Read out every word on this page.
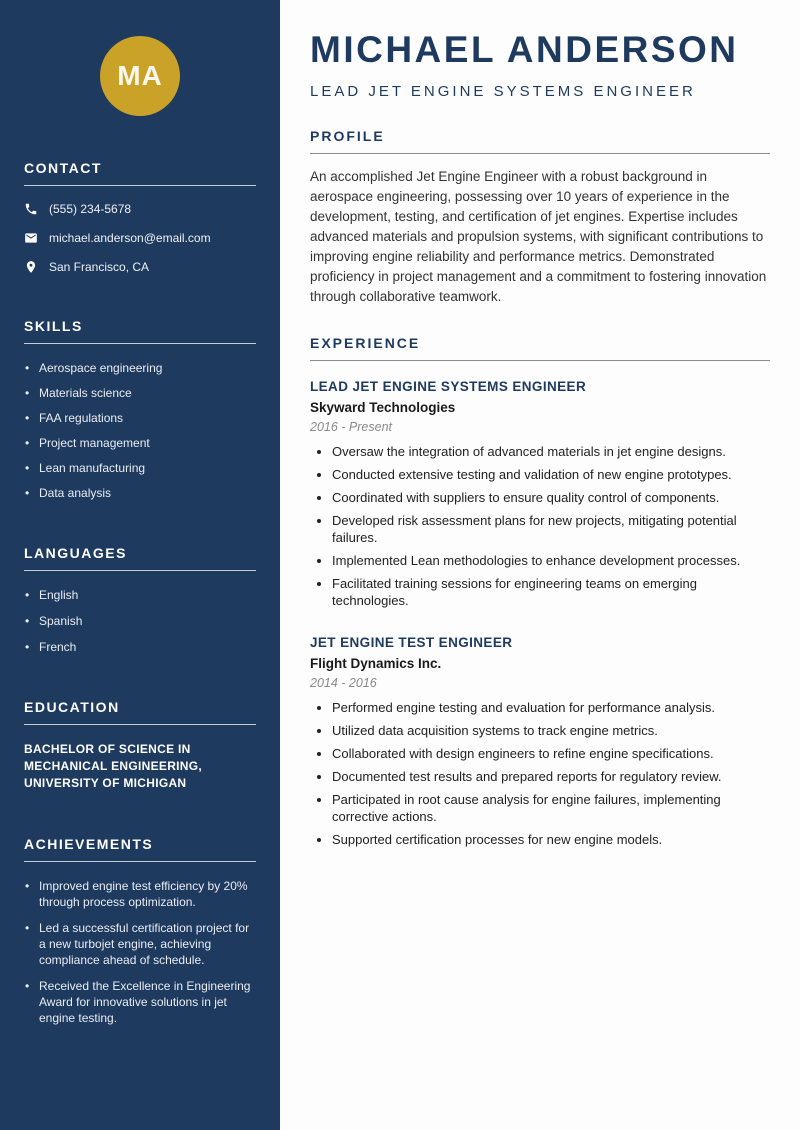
MA
CONTACT
(555) 234-5678
michael.anderson@email.com
San Francisco, CA
SKILLS
• Aerospace engineering
• Materials science
• FAA regulations
• Project management
• Lean manufacturing
• Data analysis
LANGUAGES
• English
• Spanish
• French
EDUCATION
BACHELOR OF SCIENCE IN MECHANICAL ENGINEERING, UNIVERSITY OF MICHIGAN
ACHIEVEMENTS
• Improved engine test efficiency by 20% through process optimization.
• Led a successful certification project for a new turbojet engine, achieving compliance ahead of schedule.
• Received the Excellence in Engineering Award for innovative solutions in jet engine testing.
MICHAEL ANDERSON
LEAD JET ENGINE SYSTEMS ENGINEER
PROFILE

An accomplished Jet Engine Engineer with a robust background in aerospace engineering, possessing over 10 years of experience in the development, testing, and certification of jet engines. Expertise includes advanced materials and propulsion systems, with significant contributions to improving engine reliability and performance metrics. Demonstrated proficiency in project management and a commitment to fostering innovation through collaborative teamwork.

EXPERIENCE
LEAD JET ENGINE SYSTEMS ENGINEER
Skyward Technologies
2016 - Present
• Oversaw the integration of advanced materials in jet engine designs.
• Conducted extensive testing and validation of new engine prototypes.
• Coordinated with suppliers to ensure quality control of components.
• Developed risk assessment plans for new projects, mitigating potential failures.
• Implemented Lean methodologies to enhance development processes.
• Facilitated training sessions for engineering teams on emerging technologies.
JET ENGINE TEST ENGINEER
Flight Dynamics Inc.
2014 - 2016
• Performed engine testing and evaluation for performance analysis.
• Utilized data acquisition systems to track engine metrics.
• Collaborated with design engineers to refine engine specifications.
• Documented test results and prepared reports for regulatory review.
• Participated in root cause analysis for engine failures, implementing corrective actions.
• Supported certification processes for new engine models.
